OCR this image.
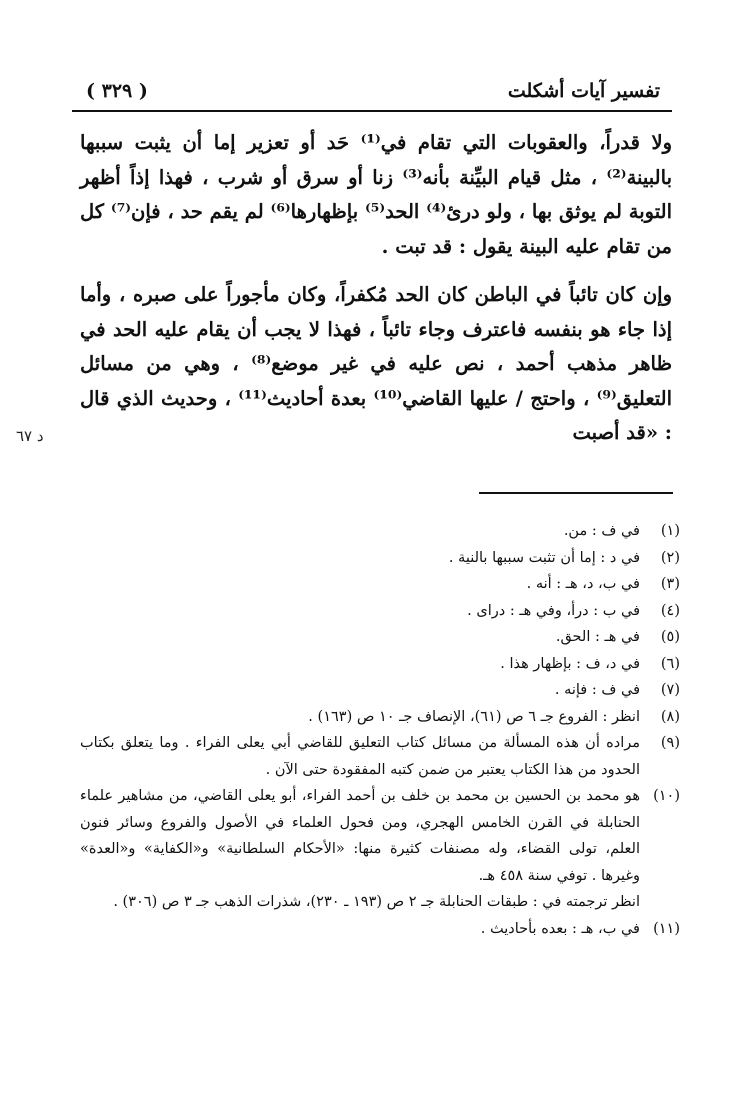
تفسير آيات أشكلت
( ٣٢٩ )

ولا قدراً، والعقوبات التي تقام في⁽¹⁾ حَد أو تعزير إما أن يثبت سببها بالبينة⁽²⁾ ، مثل قيام البيِّنة بأنه⁽³⁾ زنا أو سرق أو شرب ، فهذا إذاً أظهر التوبة لم يوثق بها ، ولو درئ⁽⁴⁾ الحد⁽⁵⁾ بإظهارها⁽⁶⁾ لم يقم حد ، فإن⁽⁷⁾ كل من تقام عليه البينة يقول : قد تبت .

وإن كان تائباً في الباطن كان الحد مُكفراً، وكان مأجوراً على صبره ، وأما إذا جاء هو بنفسه فاعترف وجاء تائباً ، فهذا لا يجب أن يقام عليه الحد في ظاهر مذهب أحمد ، نص عليه في غير موضع⁽⁸⁾ ، وهي من مسائل التعليق⁽⁹⁾ ، واحتج / عليها القاضي⁽¹⁰⁾ بعدة أحاديث⁽¹¹⁾ ، وحديث الذي قال : «قد أصبت

د ٦٧
(١)
في ف : من.
(٢)
في د : إما أن تثبت سببها بالنية .
(٣)
في ب، د، هـ : أنه .
(٤)
في ب : درأ، وفي هـ : دراى .
(٥)
في هـ : الحق.
(٦)
في د، ف : بإظهار هذا .
(٧)
في ف : فإنه .
(٨)
انظر : الفروع جـ ٦ ص (٦١)، الإنصاف جـ ١٠ ص (١٦٣) .
(٩)
مراده أن هذه المسألة من مسائل كتاب التعليق للقاضي أبي يعلى الفراء . وما يتعلق بكتاب الحدود من هذا الكتاب يعتبر من ضمن كتبه المفقودة حتى الآن .
(١٠)
هو محمد بن الحسين بن محمد بن خلف بن أحمد الفراء، أبو يعلى القاضي، من مشاهير علماء الحنابلة في القرن الخامس الهجري، ومن فحول العلماء في الأصول والفروع وسائر فنون العلم، تولى القضاء، وله مصنفات كثيرة منها: «الأحكام السلطانية» و«الكفاية» و«العدة» وغيرها . توفي سنة ٤٥٨ هـ.
انظر ترجمته في : طبقات الحنابلة جـ ٢ ص (١٩٣ ـ ٢٣٠)، شذرات الذهب جـ ٣ ص (٣٠٦) .
(١١)
في ب، هـ : بعده بأحاديث .
